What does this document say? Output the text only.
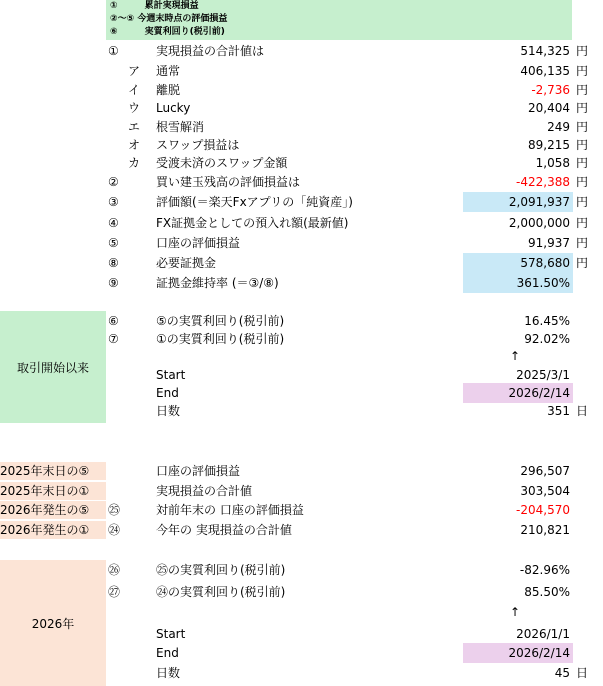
①　　　累計実現損益
②～⑤ 今週末時点の評価損益
⑥　　　実質利回り(税引前)
①	実現損益の合計値は	514,325 円
ア 通常	406,135 円
イ 離脱	-2,736 円
ウ Lucky	20,404 円
エ 根雪解消	249 円
オ スワップ損益は	89,215 円
カ 受渡未済のスワップ金額	1,058 円
②	買い建玉残高の評価損益は	-422,388 円
③	評価額(＝楽天Fxアプリの「純資産」)	2,091,937 円
④	FX証拠金としての預入れ額(最新値)	2,000,000 円
⑤	口座の評価損益	91,937 円
⑧	必要証拠金	578,680 円
⑨	証拠金維持率 (＝③/⑧)	361.50%
取引開始以来
⑥	⑤の実質利回り(税引前)	16.45%
⑦	①の実質利回り(税引前)	92.02%
↑
Start	2025/3/1
End	2026/2/14
日数	351 日
2025年末日の⑤	口座の評価損益	296,507
2025年末日の①	実現損益の合計値	303,504
2026年発生の⑤	㉕	対前年末の 口座の評価損益	-204,570
2026年発生の①	㉔	今年の 実現損益の合計値	210,821
2026年
㉖	㉕の実質利回り(税引前)	-82.96%
㉗	㉔の実質利回り(税引前)	85.50%
↑
Start	2026/1/1
End	2026/2/14
日数	45 日
